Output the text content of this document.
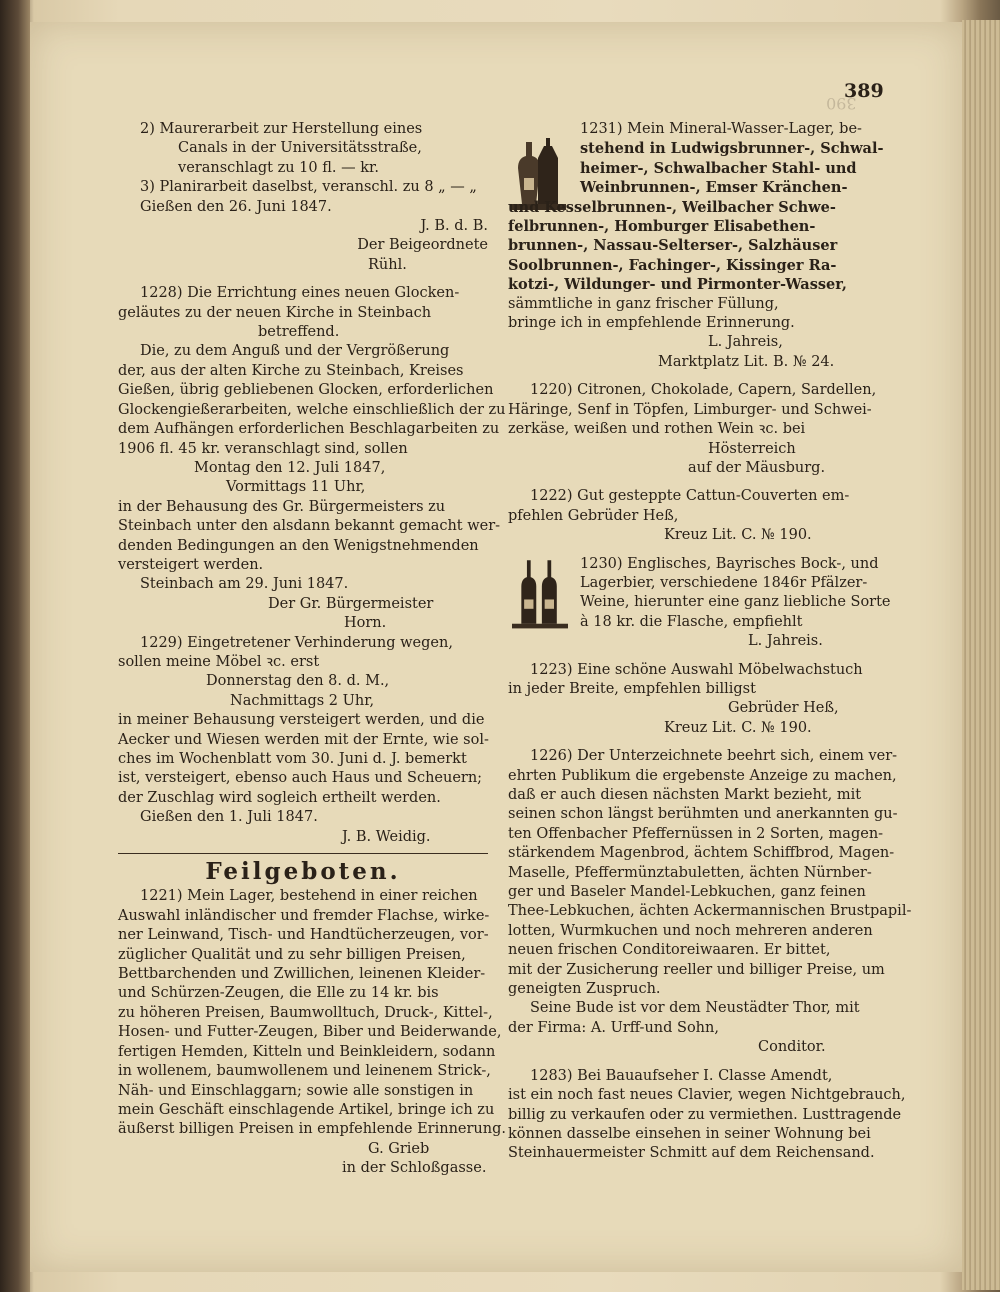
389
390
2) Maurerarbeit zur Herstellung eines
Canals in der Universitätsstraße,
veranschlagt zu 10 fl. — kr.
3) Planirarbeit daselbst, veranschl. zu 8 „ — „
Gießen den 26. Juni 1847.
J. B. d. B.
Der Beigeordnete
Rühl.
1228) Die Errichtung eines neuen Glocken-
geläutes zu der neuen Kirche in Steinbach
betreffend.
Die, zu dem Anguß und der Vergrößerung
der, aus der alten Kirche zu Steinbach, Kreises
Gießen, übrig gebliebenen Glocken, erforderlichen
Glockengießerarbeiten, welche einschließlich der zu
dem Aufhängen erforderlichen Beschlagarbeiten zu
1906 fl. 45 kr. veranschlagt sind, sollen
Montag den 12. Juli 1847,
Vormittags 11 Uhr,
in der Behausung des Gr. Bürgermeisters zu
Steinbach unter den alsdann bekannt gemacht wer-
denden Bedingungen an den Wenigstnehmenden
versteigert werden.
Steinbach am 29. Juni 1847.
Der Gr. Bürgermeister
Horn.
1229) Eingetretener Verhinderung wegen,
sollen meine Möbel ꝛc. erst
Donnerstag den 8. d. M.,
Nachmittags 2 Uhr,
in meiner Behausung versteigert werden, und die
Aecker und Wiesen werden mit der Ernte, wie sol-
ches im Wochenblatt vom 30. Juni d. J. bemerkt
ist, versteigert, ebenso auch Haus und Scheuern;
der Zuschlag wird sogleich ertheilt werden.
Gießen den 1. Juli 1847.
J. B. Weidig.
Feilgeboten.
1221) Mein Lager, bestehend in einer reichen
Auswahl inländischer und fremder Flachse, wirke-
ner Leinwand, Tisch- und Handtücherzeugen, vor-
züglicher Qualität und zu sehr billigen Preisen,
Bettbarchenden und Zwillichen, leinenen Kleider-
und Schürzen-Zeugen, die Elle zu 14 kr. bis
zu höheren Preisen, Baumwolltuch, Druck-, Kittel-,
Hosen- und Futter-Zeugen, Biber und Beiderwande,
fertigen Hemden, Kitteln und Beinkleidern, sodann
in wollenem, baumwollenem und leinenem Strick-,
Näh- und Einschlaggarn; sowie alle sonstigen in
mein Geschäft einschlagende Artikel, bringe ich zu
äußerst billigen Preisen in empfehlende Erinnerung.
G. Grieb
in der Schloßgasse.
1231) Mein Mineral-Wasser-Lager, be-
stehend in Ludwigsbrunner-, Schwal-
heimer-, Schwalbacher Stahl- und
Weinbrunnen-, Emser Kränchen-
und Kesselbrunnen-, Weilbacher Schwe-
felbrunnen-, Homburger Elisabethen-
brunnen-, Nassau-Selterser-, Salzhäuser
Soolbrunnen-, Fachinger-, Kissinger Ra-
kotzi-, Wildunger- und Pirmonter-Wasser,
sämmtliche in ganz frischer Füllung,
bringe ich in empfehlende Erinnerung.
L. Jahreis,
Marktplatz Lit. B. № 24.
1220) Citronen, Chokolade, Capern, Sardellen,
Häringe, Senf in Töpfen, Limburger- und Schwei-
zerkäse, weißen und rothen Wein ꝛc. bei
Hösterreich
auf der Mäusburg.
1222) Gut gesteppte Cattun-Couverten em-
pfehlen Gebrüder Heß,
Kreuz Lit. C. № 190.
1230) Englisches, Bayrisches Bock-, und
Lagerbier, verschiedene 1846r Pfälzer-
Weine, hierunter eine ganz liebliche Sorte
à 18 kr. die Flasche, empfiehlt
L. Jahreis.
1223) Eine schöne Auswahl Möbelwachstuch
in jeder Breite, empfehlen billigst
Gebrüder Heß,
Kreuz Lit. C. № 190.
1226) Der Unterzeichnete beehrt sich, einem ver-
ehrten Publikum die ergebenste Anzeige zu machen,
daß er auch diesen nächsten Markt bezieht, mit
seinen schon längst berühmten und anerkannten gu-
ten Offenbacher Pfeffernüssen in 2 Sorten, magen-
stärkendem Magenbrod, ächtem Schiffbrod, Magen-
Maselle, Pfeffermünztabuletten, ächten Nürnber-
ger und Baseler Mandel-Lebkuchen, ganz feinen
Thee-Lebkuchen, ächten Ackermannischen Brustpapil-
lotten, Wurmkuchen und noch mehreren anderen
neuen frischen Conditoreiwaaren. Er bittet,
mit der Zusicherung reeller und billiger Preise, um
geneigten Zuspruch.
Seine Bude ist vor dem Neustädter Thor, mit
der Firma: A. Urff-und Sohn,
Conditor.
1283) Bei Bauaufseher I. Classe Amendt,
ist ein noch fast neues Clavier, wegen Nichtgebrauch,
billig zu verkaufen oder zu vermiethen. Lusttragende
können dasselbe einsehen in seiner Wohnung bei
Steinhauermeister Schmitt auf dem Reichensand.
